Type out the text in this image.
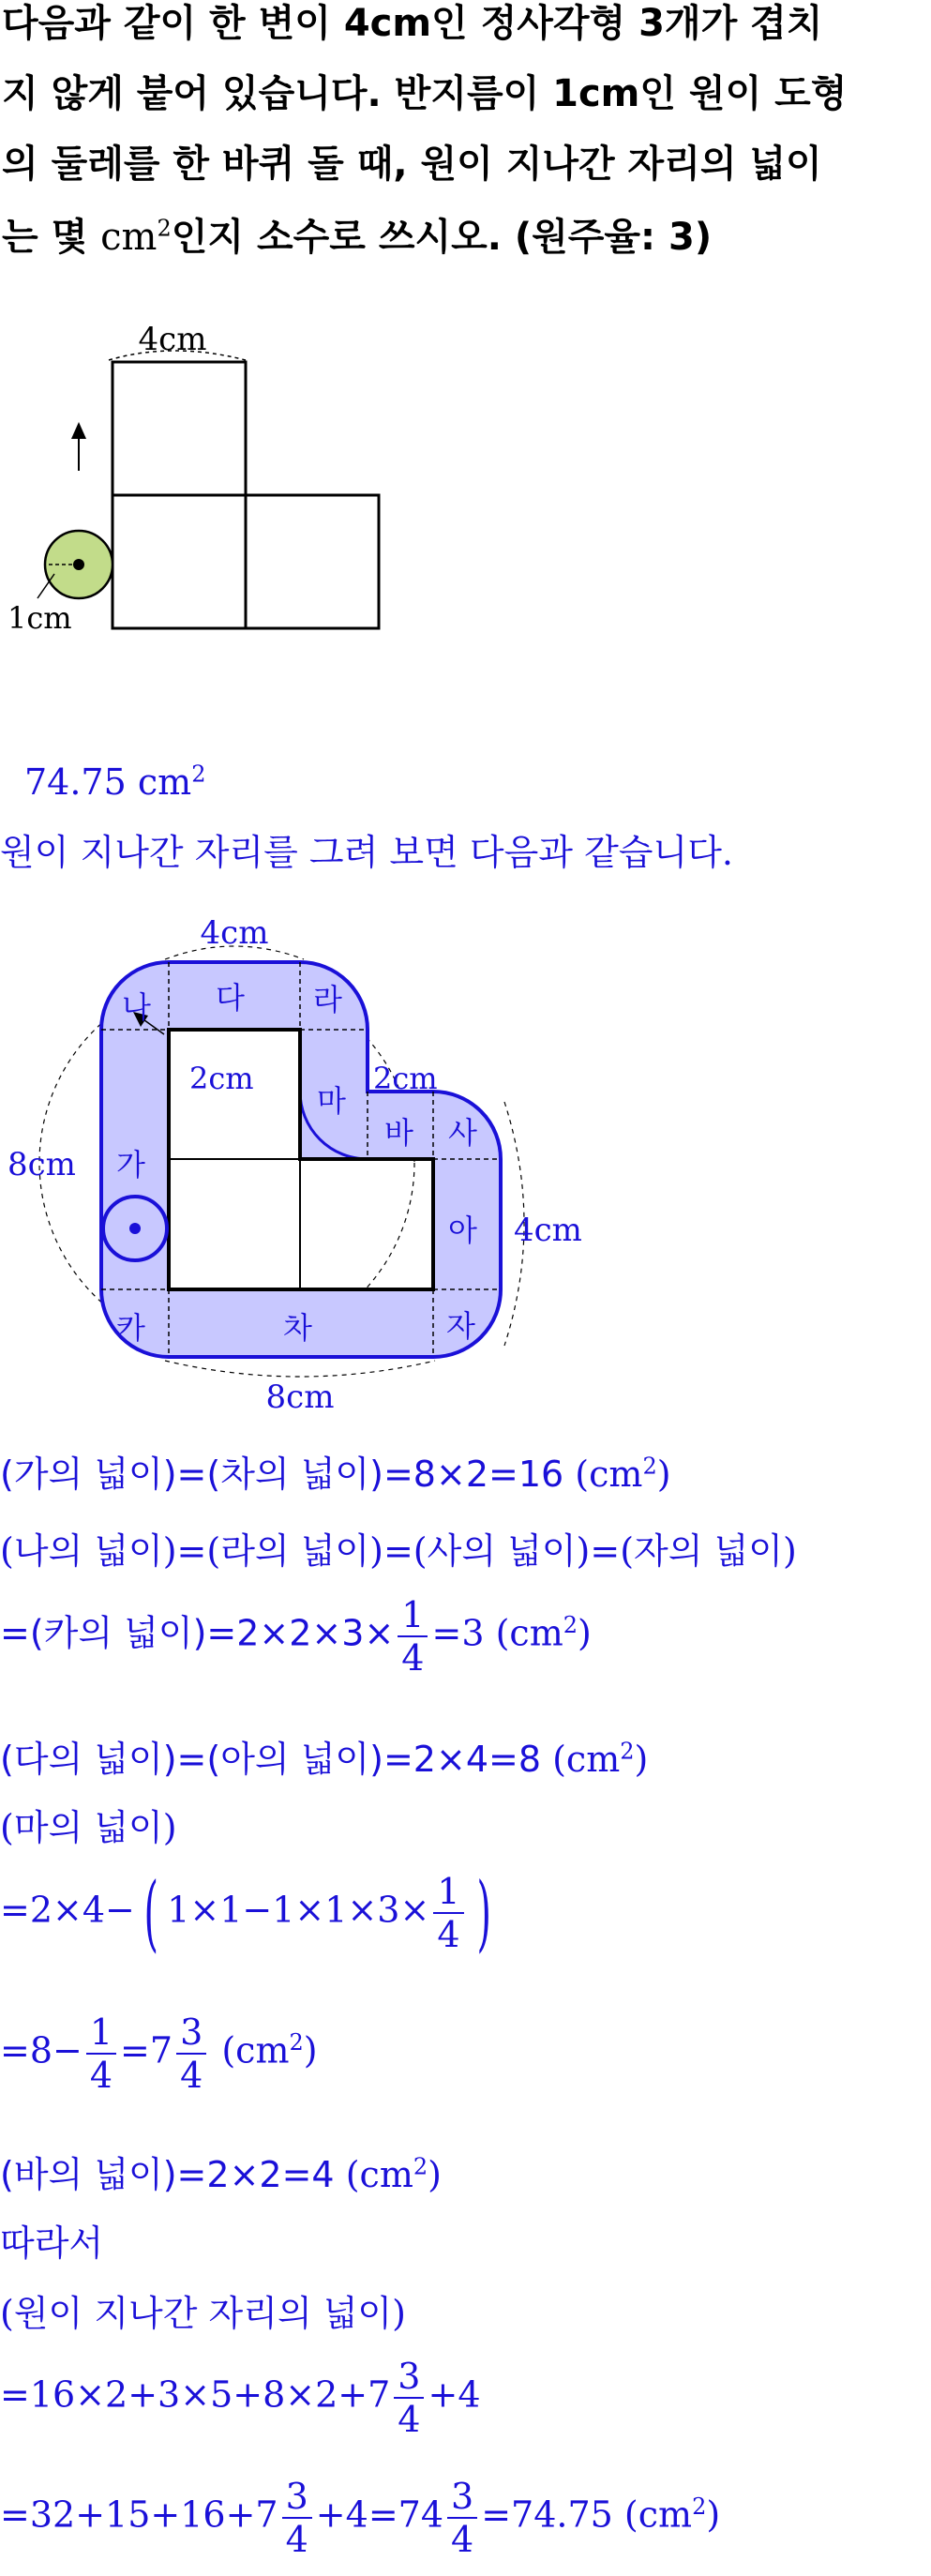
다음과 같이 한 변이 4cm인 정사각형 3개가 겹치
지 않게 붙어 있습니다. 반지름이 1cm인 원이 도형
의 둘레를 한 바퀴 돌 때, 원이 지나간 자리의 넓이
는 몇 $cm^2$인지 소수로 쓰시오. (원주율: 3)
4cm
1cm
74.75 $cm^2$
원이 지나간 자리를 그려 보면 다음과 같습니다.
4cm
8cm
4cm
8cm
2cm	2cm
가
나 다 라
마
바 사
아
자
차
카
(가의 넓이)=(차의 넓이)=8×2=16 $(cm^2)$
(나의 넓이)=(라의 넓이)=(사의 넓이)=(자의 넓이)
=(카의 넓이)$=2\times 2\times 3\times \frac{1}{4} =3$ $(cm^2)$
(다의 넓이)=(아의 넓이)=2×4=8 $(cm^2)$
(마의 넓이)
=2×4− ( $1\times 1-1\times 1\times 3\times \frac{1}{4}$ )
$=8- \frac{1}{4} =7 \frac{3}{4} (cm^2)$
(바의 넓이)=2×2=4 $(cm^2)$
따라서
(원이 지나간 자리의 넓이)
$=16\times 2+3\times 5+8\times 2+7 \frac{3}{4} +4$
$=32+15+16+7 \frac{3}{4} +4=74 \frac{3}{4} =74.75$ $(cm^2)$
